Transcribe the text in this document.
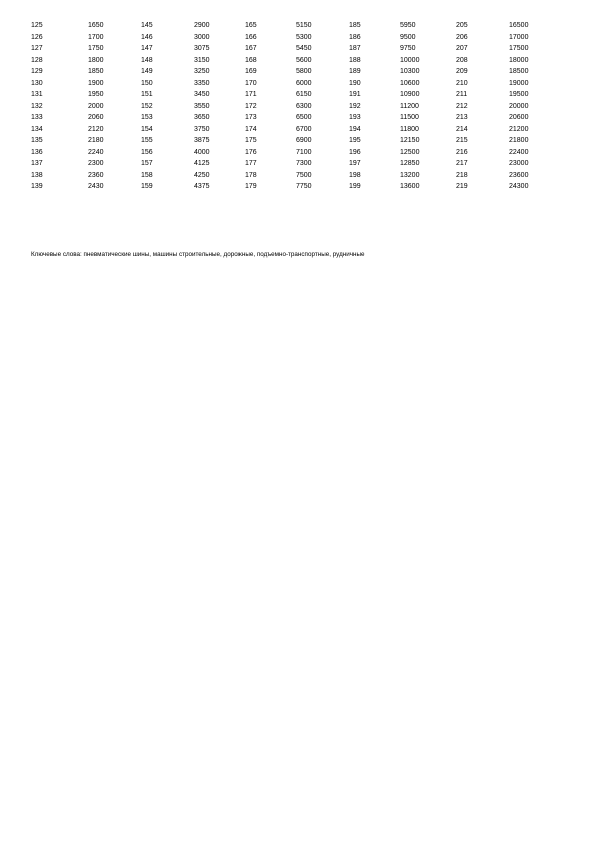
125	1650	145	2900	165	5150	185	5950	205	16500
126	1700	146	3000	166	5300	186	9500	206	17000
127	1750	147	3075	167	5450	187	9750	207	17500
128	1800	148	3150	168	5600	188	10000	208	18000
129	1850	149	3250	169	5800	189	10300	209	18500
130	1900	150	3350	170	6000	190	10600	210	19000
131	1950	151	3450	171	6150	191	10900	211	19500
132	2000	152	3550	172	6300	192	11200	212	20000
133	2060	153	3650	173	6500	193	11500	213	20600
134	2120	154	3750	174	6700	194	11800	214	21200
135	2180	155	3875	175	6900	195	12150	215	21800
136	2240	156	4000	176	7100	196	12500	216	22400
137	2300	157	4125	177	7300	197	12850	217	23000
138	2360	158	4250	178	7500	198	13200	218	23600
139	2430	159	4375	179	7750	199	13600	219	24300
Ключевые слова: пневматические шины, машины строительные, дорожные, подъемно-транспортные, рудничные
